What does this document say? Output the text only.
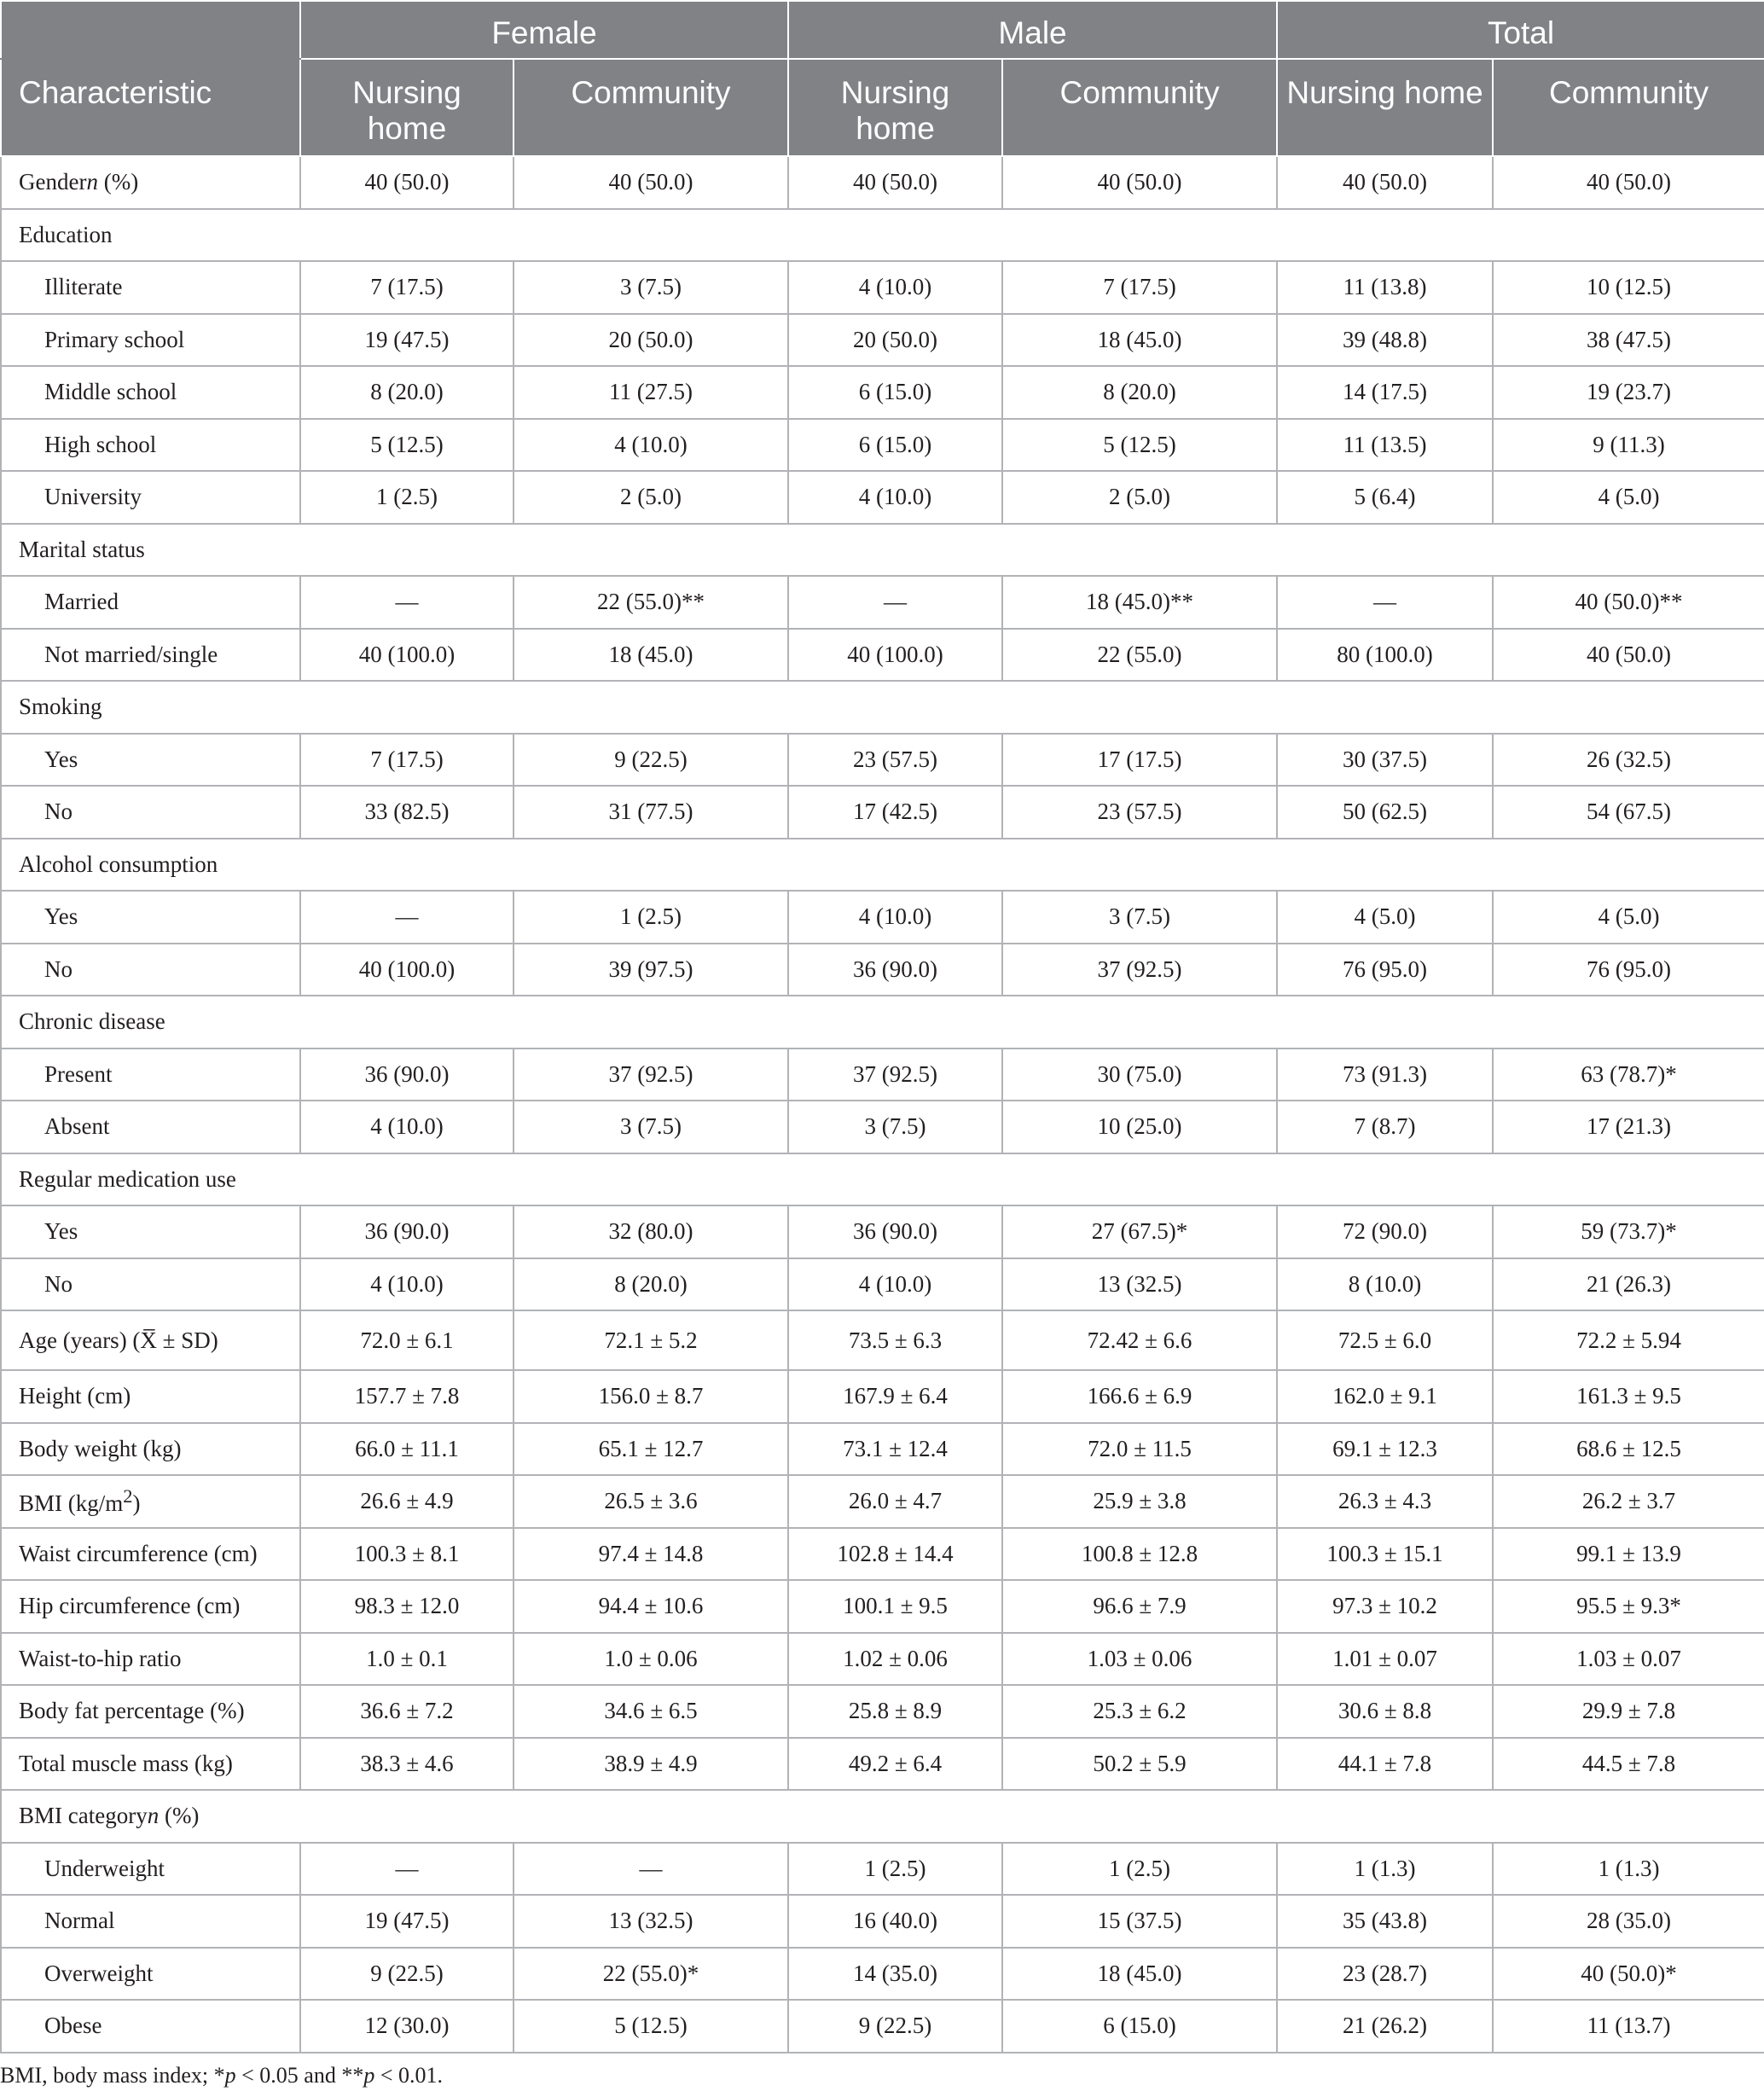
	Female		Male		Total	
Characteristic	Nursing home	Community	Nursing home	Community	Nursing home	Community
Gendern (%)	40 (50.0)	40 (50.0)	40 (50.0)	40 (50.0)	40 (50.0)	40 (50.0)
Education						
Illiterate	7 (17.5)	3 (7.5)	4 (10.0)	7 (17.5)	11 (13.8)	10 (12.5)
Primary school	19 (47.5)	20 (50.0)	20 (50.0)	18 (45.0)	39 (48.8)	38 (47.5)
Middle school	8 (20.0)	11 (27.5)	6 (15.0)	8 (20.0)	14 (17.5)	19 (23.7)
High school	5 (12.5)	4 (10.0)	6 (15.0)	5 (12.5)	11 (13.5)	9 (11.3)
University	1 (2.5)	2 (5.0)	4 (10.0)	2 (5.0)	5 (6.4)	4 (5.0)
Marital status						
Married	—	22 (55.0)**	—	18 (45.0)**	—	40 (50.0)**
Not married/single	40 (100.0)	18 (45.0)	40 (100.0)	22 (55.0)	80 (100.0)	40 (50.0)
Smoking						
Yes	7 (17.5)	9 (22.5)	23 (57.5)	17 (17.5)	30 (37.5)	26 (32.5)
No	33 (82.5)	31 (77.5)	17 (42.5)	23 (57.5)	50 (62.5)	54 (67.5)
Alcohol consumption						
Yes	—	1 (2.5)	4 (10.0)	3 (7.5)	4 (5.0)	4 (5.0)
No	40 (100.0)	39 (97.5)	36 (90.0)	37 (92.5)	76 (95.0)	76 (95.0)
Chronic disease						
Present	36 (90.0)	37 (92.5)	37 (92.5)	30 (75.0)	73 (91.3)	63 (78.7)*
Absent	4 (10.0)	3 (7.5)	3 (7.5)	10 (25.0)	7 (8.7)	17 (21.3)
Regular medication use						
Yes	36 (90.0)	32 (80.0)	36 (90.0)	27 (67.5)*	72 (90.0)	59 (73.7)*
No	4 (10.0)	8 (20.0)	4 (10.0)	13 (32.5)	8 (10.0)	21 (26.3)
Age (years) (X̅ ± SD)	72.0 ± 6.1	72.1 ± 5.2	73.5 ± 6.3	72.42 ± 6.6	72.5 ± 6.0	72.2 ± 5.94
Height (cm)	157.7 ± 7.8	156.0 ± 8.7	167.9 ± 6.4	166.6 ± 6.9	162.0 ± 9.1	161.3 ± 9.5
Body weight (kg)	66.0 ± 11.1	65.1 ± 12.7	73.1 ± 12.4	72.0 ± 11.5	69.1 ± 12.3	68.6 ± 12.5
BMI $(kg/m^2)$	26.6 ± 4.9	26.5 ± 3.6	26.0 ± 4.7	25.9 ± 3.8	26.3 ± 4.3	26.2 ± 3.7
Waist circumference (cm)	100.3 ± 8.1	97.4 ± 14.8	102.8 ± 14.4	100.8 ± 12.8	100.3 ± 15.1	99.1 ± 13.9
Hip circumference (cm)	98.3 ± 12.0	94.4 ± 10.6	100.1 ± 9.5	96.6 ± 7.9	97.3 ± 10.2	95.5 ± 9.3*
Waist-to-hip ratio	1.0 ± 0.1	1.0 ± 0.06	1.02 ± 0.06	1.03 ± 0.06	1.01 ± 0.07	1.03 ± 0.07
Body fat percentage (%)	36.6 ± 7.2	34.6 ± 6.5	25.8 ± 8.9	25.3 ± 6.2	30.6 ± 8.8	29.9 ± 7.8
Total muscle mass (kg)	38.3 ± 4.6	38.9 ± 4.9	49.2 ± 6.4	50.2 ± 5.9	44.1 ± 7.8	44.5 ± 7.8
BMI categoryn (%)						
Underweight	—	—	1 (2.5)	1 (2.5)	1 (1.3)	1 (1.3)
Normal	19 (47.5)	13 (32.5)	16 (40.0)	15 (37.5)	35 (43.8)	28 (35.0)
Overweight	9 (22.5)	22 (55.0)*	14 (35.0)	18 (45.0)	23 (28.7)	40 (50.0)*
Obese	12 (30.0)	5 (12.5)	9 (22.5)	6 (15.0)	21 (26.2)	11 (13.7)

BMI, body mass index; *p < 0.05 and **p < 0.01.
